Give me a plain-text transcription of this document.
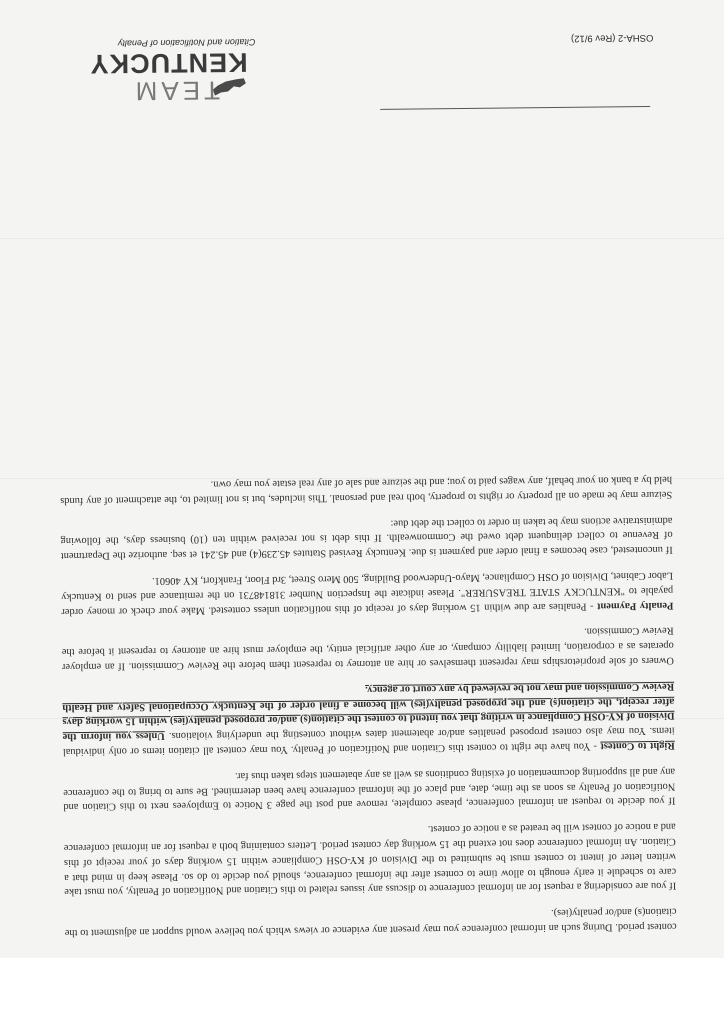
contest period. During such an informal conference you may present any evidence or views which you believe would support an adjustment to the citation(s) and/or penalty(ies).

If you are considering a request for an informal conference to discuss any issues related to this Citation and Notification of Penalty, you must take care to schedule it early enough to allow time to contest after the informal conference, should you decide to do so. Please keep in mind that a written letter of intent to contest must be submitted to the Division of KY-OSH Compliance within 15 working days of your receipt of this Citation. An informal conference does not extend the 15 working day contest period. Letters containing both a request for an informal conference and a notice of contest will be treated as a notice of contest.

If you decide to request an informal conference, please complete, remove and post the page 3 Notice to Employees next to this Citation and Notification of Penalty as soon as the time, date, and place of the informal conference have been determined. Be sure to bring to the conference any and all supporting documentation of existing conditions as well as any abatement steps taken thus far.

Right to Contest - You have the right to contest this Citation and Notification of Penalty. You may contest all citation items or only individual items. You may also contest proposed penalties and/or abatement dates without contesting the underlying violations. Unless you inform the Division of KY-OSH Compliance in writing that you intend to contest the citation(s) and/or proposed penalty(ies) within 15 working days after receipt, the citation(s) and the proposed penalty(ies) will become a final order of the Kentucky Occupational Safety and Health Review Commission and may not be reviewed by any court or agency.

Owners of sole proprietorships may represent themselves or hire an attorney to represent them before the Review Commission. If an employer operates as a corporation, limited liability company, or any other artificial entity, the employer must hire an attorney to represent it before the Review Commission.

Penalty Payment - Penalties are due within 15 working days of receipt of this notification unless contested. Make your check or money order payable to "KENTUCKY STATE TREASURER". Please indicate the Inspection Number 318148731 on the remittance and send to Kentucky Labor Cabinet, Division of OSH Compliance, Mayo-Underwood Building, 500 Mero Street, 3rd Floor, Frankfort, KY 40601.

If uncontested, case becomes a final order and payment is due. Kentucky Revised Statutes 45.239(4) and 45.241 et seq. authorize the Department of Revenue to collect delinquent debt owed the Commonwealth. If this debt is not received within ten (10) business days, the following administrative actions may be taken in order to collect the debt due:

Seizure may be made on all property or rights to property, both real and personal. This includes, but is not limited to, the attachment of any funds held by a bank on your behalf, any wages paid to you; and the seizure and sale of any real estate you may own.

TEAM
KENTUCKY
OSHA-2 (Rev 9/12)
Citation and Notification of Penalty
